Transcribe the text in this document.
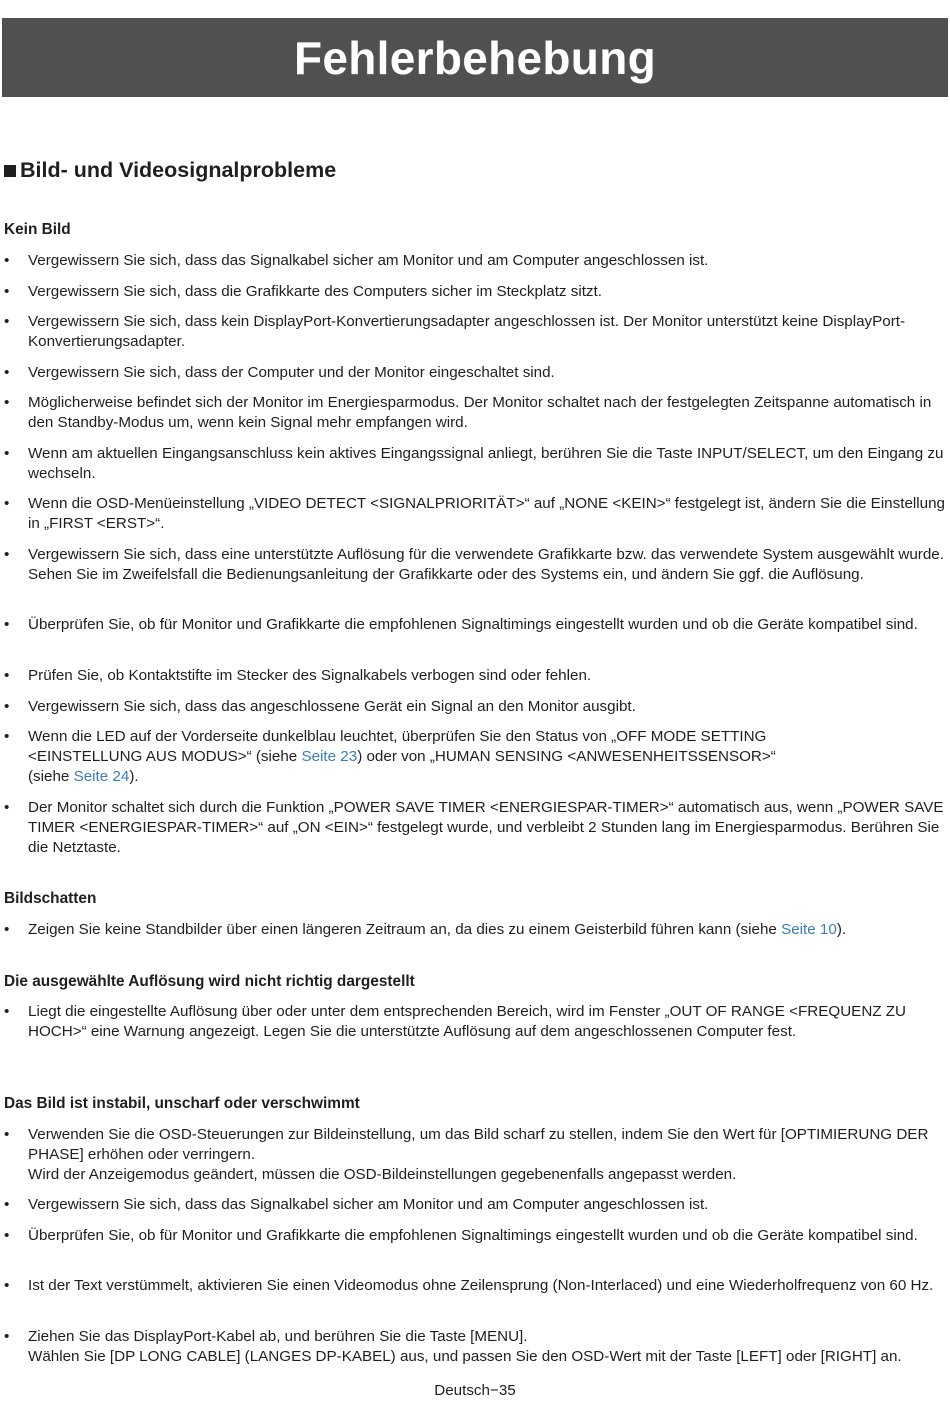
Fehlerbehebung
Bild- und Videosignalprobleme
Kein Bild
• Vergewissern Sie sich, dass das Signalkabel sicher am Monitor und am Computer angeschlossen ist.
• Vergewissern Sie sich, dass die Grafikkarte des Computers sicher im Steckplatz sitzt.
• Vergewissern Sie sich, dass kein DisplayPort-Konvertierungsadapter angeschlossen ist. Der Monitor unterstützt keine DisplayPort-Konvertierungsadapter.
• Vergewissern Sie sich, dass der Computer und der Monitor eingeschaltet sind.
• Möglicherweise befindet sich der Monitor im Energiesparmodus. Der Monitor schaltet nach der festgelegten Zeitspanne automatisch in den Standby-Modus um, wenn kein Signal mehr empfangen wird.
• Wenn am aktuellen Eingangsanschluss kein aktives Eingangssignal anliegt, berühren Sie die Taste INPUT/SELECT, um den Eingang zu wechseln.
• Wenn die OSD-Menüeinstellung „VIDEO DETECT <SIGNALPRIORITÄT>“ auf „NONE <KEIN>“ festgelegt ist, ändern Sie die Einstellung in „FIRST <ERST>“.
• Vergewissern Sie sich, dass eine unterstützte Auflösung für die verwendete Grafikkarte bzw. das verwendete System ausgewählt wurde. Sehen Sie im Zweifelsfall die Bedienungsanleitung der Grafikkarte oder des Systems ein, und ändern Sie ggf. die Auflösung.
• Überprüfen Sie, ob für Monitor und Grafikkarte die empfohlenen Signaltimings eingestellt wurden und ob die Geräte kompatibel sind.
• Prüfen Sie, ob Kontaktstifte im Stecker des Signalkabels verbogen sind oder fehlen.
• Vergewissern Sie sich, dass das angeschlossene Gerät ein Signal an den Monitor ausgibt.
• Wenn die LED auf der Vorderseite dunkelblau leuchtet, überprüfen Sie den Status von „OFF MODE SETTING
<EINSTELLUNG AUS MODUS>“ (siehe Seite 23) oder von „HUMAN SENSING <ANWESENHEITSSENSOR>“
(siehe Seite 24).
• Der Monitor schaltet sich durch die Funktion „POWER SAVE TIMER <ENERGIESPAR-TIMER>“ automatisch aus, wenn „POWER SAVE TIMER <ENERGIESPAR-TIMER>“ auf „ON <EIN>“ festgelegt wurde, und verbleibt 2 Stunden lang im Energiesparmodus. Berühren Sie die Netztaste.
Bildschatten
• Zeigen Sie keine Standbilder über einen längeren Zeitraum an, da dies zu einem Geisterbild führen kann (siehe Seite 10).
Die ausgewählte Auflösung wird nicht richtig dargestellt
• Liegt die eingestellte Auflösung über oder unter dem entsprechenden Bereich, wird im Fenster „OUT OF RANGE <FREQUENZ ZU HOCH>“ eine Warnung angezeigt. Legen Sie die unterstützte Auflösung auf dem angeschlossenen Computer fest.
Das Bild ist instabil, unscharf oder verschwimmt
• Verwenden Sie die OSD-Steuerungen zur Bildeinstellung, um das Bild scharf zu stellen, indem Sie den Wert für [OPTIMIERUNG DER PHASE] erhöhen oder verringern.
Wird der Anzeigemodus geändert, müssen die OSD-Bildeinstellungen gegebenenfalls angepasst werden.
• Vergewissern Sie sich, dass das Signalkabel sicher am Monitor und am Computer angeschlossen ist.
• Überprüfen Sie, ob für Monitor und Grafikkarte die empfohlenen Signaltimings eingestellt wurden und ob die Geräte kompatibel sind.
• Ist der Text verstümmelt, aktivieren Sie einen Videomodus ohne Zeilensprung (Non-Interlaced) und eine Wiederholfrequenz von 60 Hz.
• Ziehen Sie das DisplayPort-Kabel ab, und berühren Sie die Taste [MENU].
Wählen Sie [DP LONG CABLE] (LANGES DP-KABEL) aus, und passen Sie den OSD-Wert mit der Taste [LEFT] oder [RIGHT] an.
Deutsch−35
